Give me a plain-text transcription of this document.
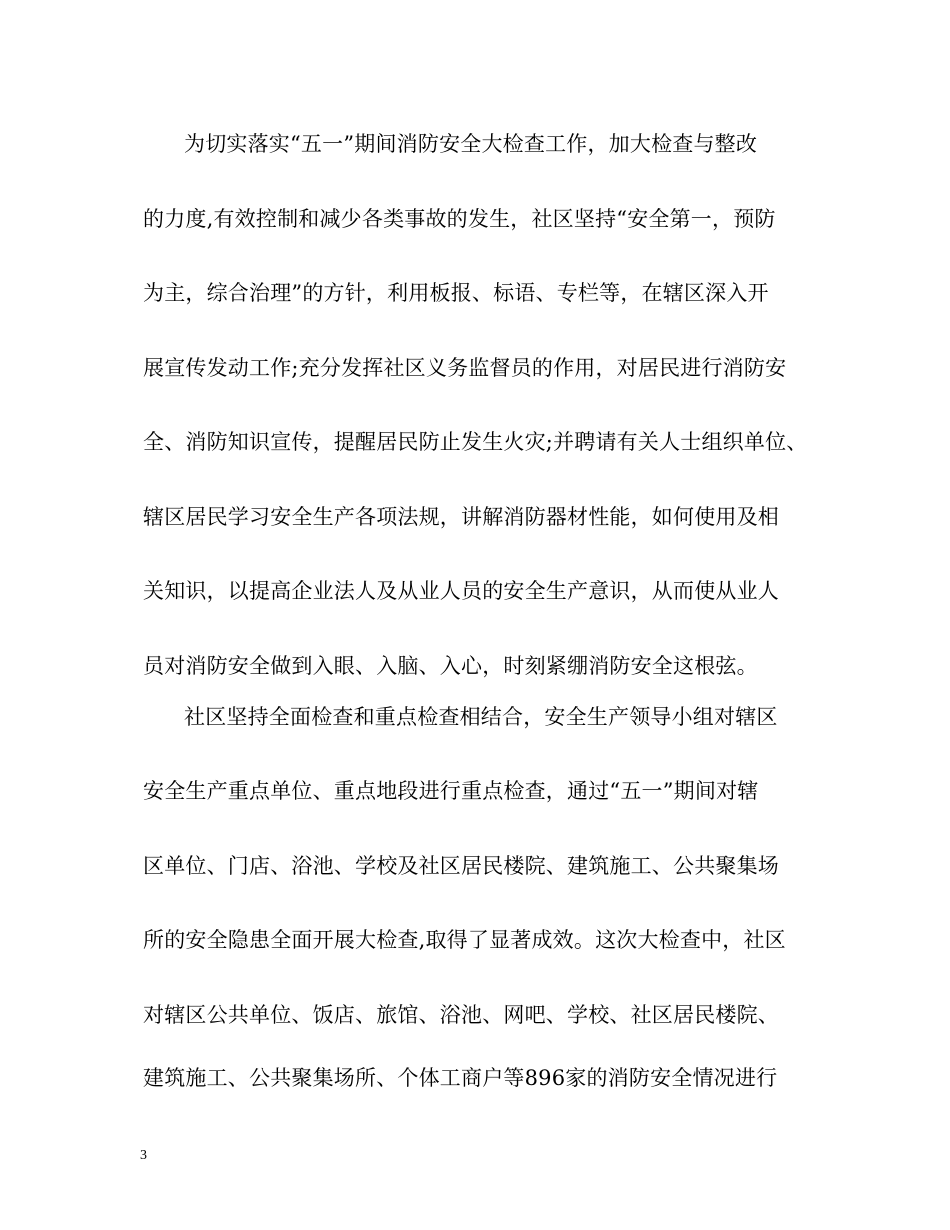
为切实落实“五一”期间消防安全大检查工作，加大检查与整改
的力度,有效控制和减少各类事故的发生，社区坚持“安全第一，预防
为主，综合治理”的方针，利用板报、标语、专栏等，在辖区深入开
展宣传发动工作;充分发挥社区义务监督员的作用，对居民进行消防安
全、消防知识宣传，提醒居民防止发生火灾;并聘请有关人士组织单位、
辖区居民学习安全生产各项法规，讲解消防器材性能，如何使用及相
关知识，以提高企业法人及从业人员的安全生产意识，从而使从业人
员对消防安全做到入眼、入脑、入心，时刻紧绷消防安全这根弦。
社区坚持全面检查和重点检查相结合，安全生产领导小组对辖区
安全生产重点单位、重点地段进行重点检查，通过“五一”期间对辖
区单位、门店、浴池、学校及社区居民楼院、建筑施工、公共聚集场
所的安全隐患全面开展大检查,取得了显著成效。这次大检查中，社区
对辖区公共单位、饭店、旅馆、浴池、网吧、学校、社区居民楼院、
建筑施工、公共聚集场所、个体工商户等896家的消防安全情况进行
3
